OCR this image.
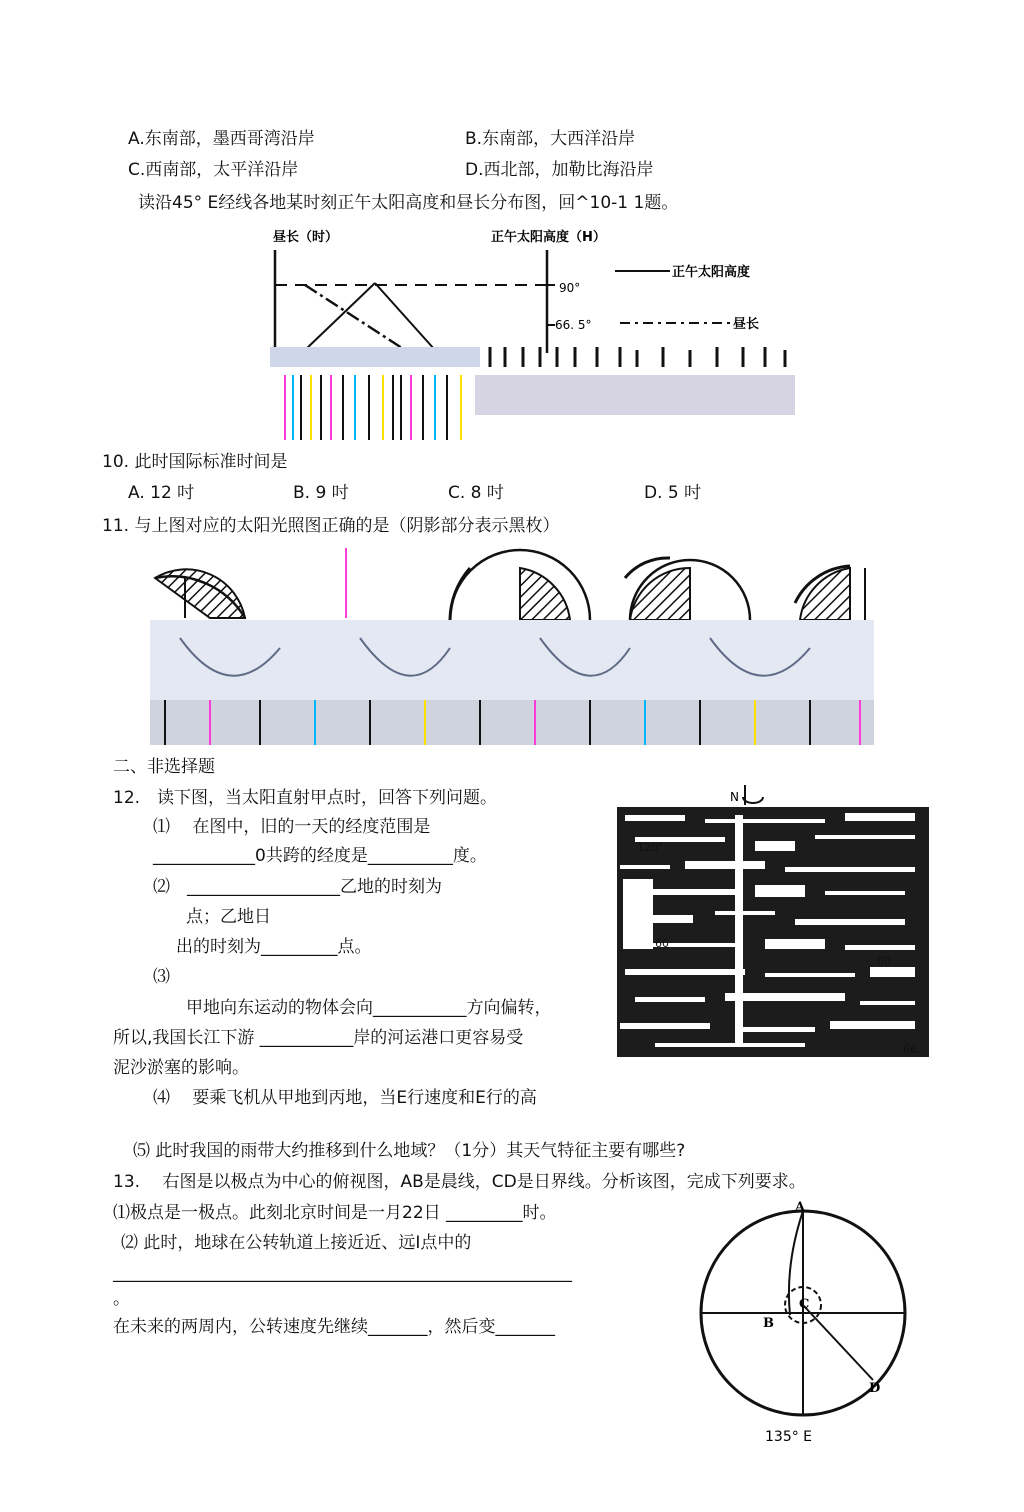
A.东南部，墨西哥湾沿岸	B.东南部，大西洋沿岸
C.西南部，太平洋沿岸	D.西北部，加勒比海沿岸
读沿45° E经线各地某时刻正午太阳高度和昼长分布图，回^10-1 1题。
昼长（时）	正午太阳高度（H）
90°
66. 5°
正午太阳高度
昼长
10. 此时国际标准时间是
A. 12 吋	B. 9 吋	C. 8 吋	D. 5 吋
11. 与上图对应的太阳光照图正确的是（阴影部分表示黑枚）
二、非选择题
12.　读下图，当太阳直射甲点时，回答下列问题。
⑴　 在图中，旧的一天的经度范围是
____________0共跨的经度是__________度。
⑵　__________________乙地的时刻为
点；乙地日
出的时刻为_________点。
⑶
甲地向东运动的物体会向___________方向偏转，
所以,我国长江下游 ___________岸的河运港口更容易受
泥沙淤塞的影响。
⑷　 要乘飞机从甲地到丙地，当E行速度和E行的高
⑸ 此时我国的雨带大约推移到什么地域？（1分）其天气特征主要有哪些?
N
120°
60
60
66.
13.　 右图是以极点为中心的俯视图，AB是晨线，CD是日界线。分析该图，完成下列要求。
⑴极点是一极点。此刻北京时间是一月22日 _________时。
⑵ 此时，地球在公转轨道上接近近、远I点中的
______________________________________________________
。
在未来的两周内，公转速度先继续_______，然后变_______
A
B
C
D
135° E
